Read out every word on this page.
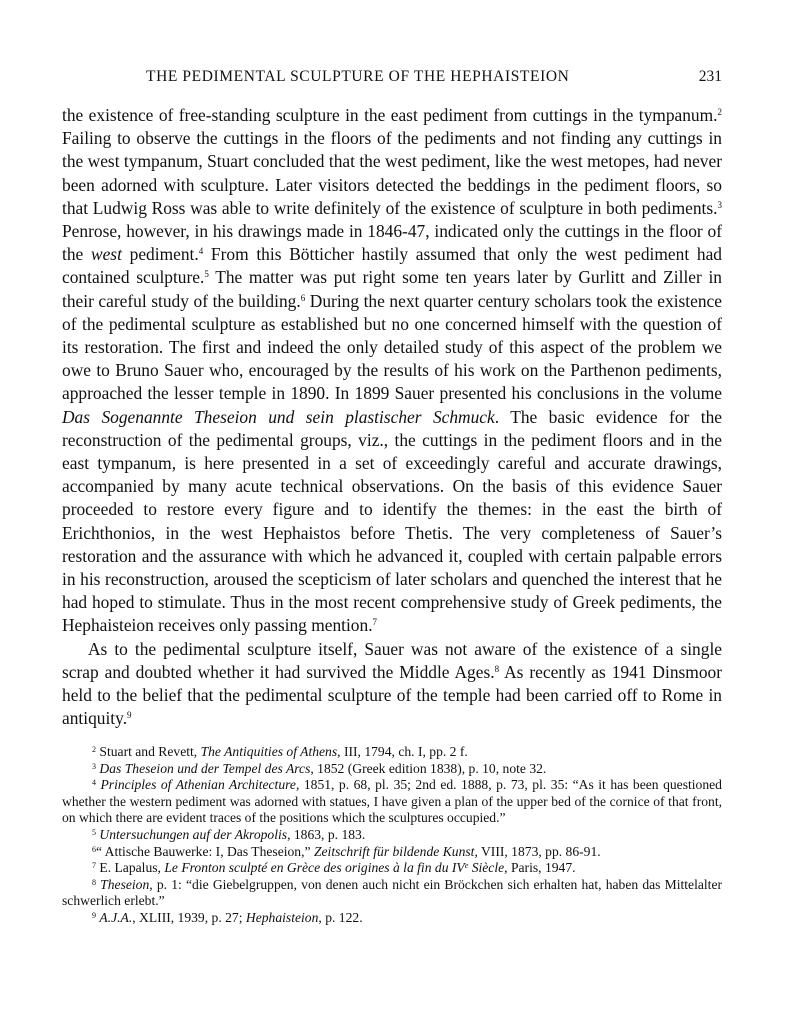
THE PEDIMENTAL SCULPTURE OF THE HEPHAISTEION	231

the existence of free-standing sculpture in the east pediment from cuttings in the tympanum.$^2$ Failing to observe the cuttings in the floors of the pediments and not finding any cuttings in the west tympanum, Stuart concluded that the west pediment, like the west metopes, had never been adorned with sculpture. Later visitors detected the beddings in the pediment floors, so that Ludwig Ross was able to write definitely of the existence of sculpture in both pediments.$^3$ Penrose, however, in his drawings made in 1846-47, indicated only the cuttings in the floor of the west pediment.$^4$ From this Bötticher hastily assumed that only the west pediment had contained sculpture.$^5$ The matter was put right some ten years later by Gurlitt and Ziller in their careful study of the building.$^6$ During the next quarter century scholars took the existence of the pedimental sculpture as established but no one concerned himself with the question of its restoration. The first and indeed the only detailed study of this aspect of the problem we owe to Bruno Sauer who, encouraged by the results of his work on the Parthenon pediments, approached the lesser temple in 1890. In 1899 Sauer presented his conclusions in the volume Das Sogenannte Theseion und sein plastischer Schmuck. The basic evidence for the reconstruction of the pedimental groups, viz., the cuttings in the pediment floors and in the east tympanum, is here presented in a set of exceedingly careful and accurate drawings, accompanied by many acute technical observations. On the basis of this evidence Sauer proceeded to restore every figure and to identify the themes: in the east the birth of Erichthonios, in the west Hephaistos before Thetis. The very completeness of Sauer’s restoration and the assurance with which he advanced it, coupled with certain palpable errors in his reconstruction, aroused the scepticism of later scholars and quenched the interest that he had hoped to stimulate. Thus in the most recent comprehensive study of Greek pediments, the Hephaisteion receives only passing mention.$^7$

As to the pedimental sculpture itself, Sauer was not aware of the existence of a single scrap and doubted whether it had survived the Middle Ages.$^8$ As recently as 1941 Dinsmoor held to the belief that the pedimental sculpture of the temple had been carried off to Rome in antiquity.$^9$

$^2$ Stuart and Revett, The Antiquities of Athens, III, 1794, ch. I, pp. 2 f.

$^3$ Das Theseion und der Tempel des Arcs, 1852 (Greek edition 1838), p. 10, note 32.

$^4$ Principles of Athenian Architecture, 1851, p. 68, pl. 35; 2nd ed. 1888, p. 73, pl. 35: “As it has been questioned whether the western pediment was adorned with statues, I have given a plan of the upper bed of the cornice of that front, on which there are evident traces of the positions which the sculptures occupied.”

$^5$ Untersuchungen auf der Akropolis, 1863, p. 183.

$^6$“ Attische Bauwerke: I, Das Theseion,” Zeitschrift für bildende Kunst, VIII, 1873, pp. 86-91.

$^7$ E. Lapalus, Le Fronton sculpté en Grèce des origines à la fin du IVe Siècle, Paris, 1947.

$^8$ Theseion, p. 1: “die Giebelgruppen, von denen auch nicht ein Bröckchen sich erhalten hat, haben das Mittelalter schwerlich erlebt.”

$^9$ A.J.A., XLIII, 1939, p. 27; Hephaisteion, p. 122.
